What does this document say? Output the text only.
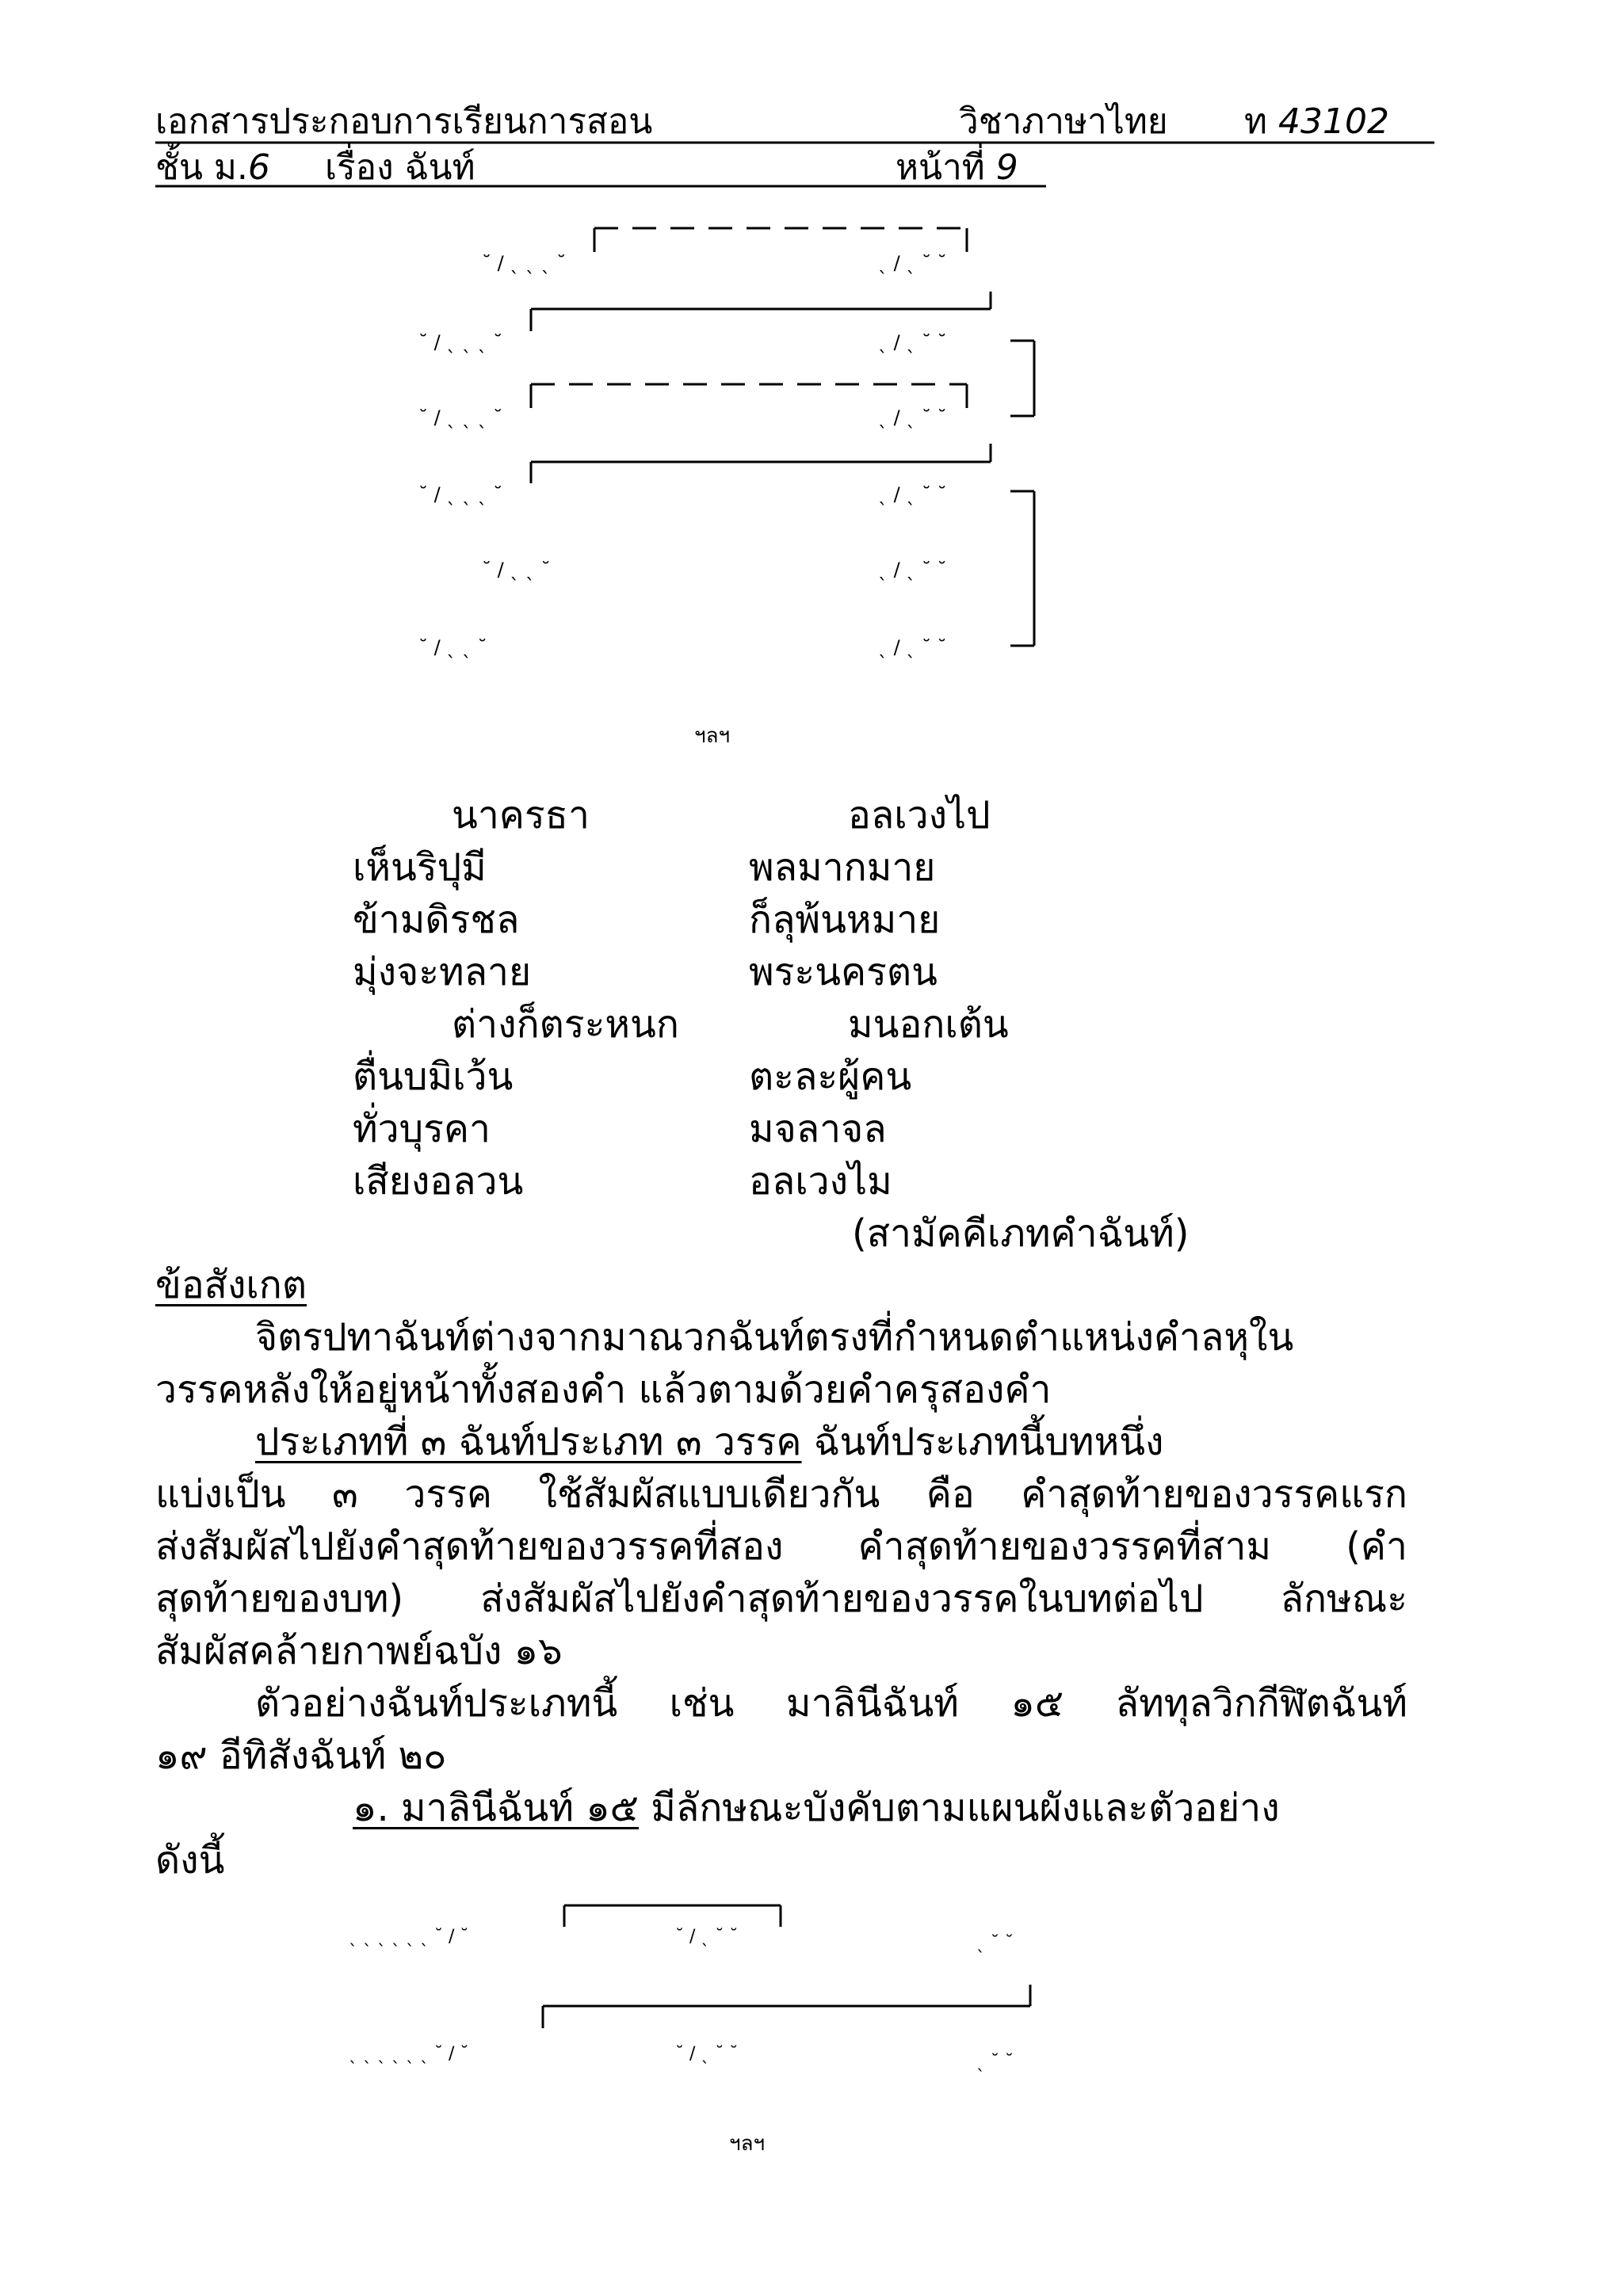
เอกสารประกอบการเรียนการสอน	วิชาภาษาไทย ท 43102
ชั้น ม.6 เรื่อง ฉันท์	หน้าที่ 9
˘ / ˎ ˎ ˎ ˘	ˎ / ˎ ˘ ˘
˘ / ˎ ˎ ˎ ˘	ˎ / ˎ ˘ ˘
˘ / ˎ ˎ ˎ ˘	ˎ / ˎ ˘ ˘
˘ / ˎ ˎ ˎ ˘	ˎ / ˎ ˘ ˘
˘ / ˎ ˎ ˘	ˎ / ˎ ˘ ˘
˘ / ˎ ˎ ˘	ˎ / ˎ ˘ ˘
ฯลฯ
นาครธา	อลเวงไป
เห็นริปุมี	พลมากมาย
ข้ามดิรชล	ก็ลุพ้นหมาย
มุ่งจะทลาย	พระนครตน
ต่างก็ตระหนก	มนอกเต้น
ตื่นบมิเว้น	ตะละผู้คน
ทั่วบุรคา	มจลาจล
เสียงอลวน	อลเวงไม
(สามัคคีเภทคำฉันท์)
ข้อสังเกต
จิตรปทาฉันท์ต่างจากมาณวกฉันท์ตรงที่กำหนดตำแหน่งคำลหุใน
วรรคหลังให้อยู่หน้าทั้งสองคำ แล้วตามด้วยคำครุสองคำ
ประเภทที่ ๓ ฉันท์ประเภท ๓ วรรค ฉันท์ประเภทนี้บทหนึ่ง
แบ่งเป็น ๓ วรรค ใช้สัมผัสแบบเดียวกัน คือ คำสุดท้ายของวรรคแรก
ส่งสัมผัสไปยังคำสุดท้ายของวรรคที่สอง คำสุดท้ายของวรรคที่สาม (คำ
สุดท้ายของบท) ส่งสัมผัสไปยังคำสุดท้ายของวรรคในบทต่อไป ลักษณะ
สัมผัสคล้ายกาพย์ฉบัง ๑๖
ตัวอย่างฉันท์ประเภทนี้ เช่น มาลินีฉันท์ ๑๕ ลัททุลวิกกีฬิตฉันท์
๑๙ อีทิสังฉันท์ ๒๐
๑. มาลินีฉันท์ ๑๕ มีลักษณะบังคับตามแผนผังและตัวอย่าง
ดังนี้
ˎ ˎ ˎ ˎ ˎ ˎ ˘ / ˘	˘ / ˎ ˘ ˘	ˎ ˘ ˘
ˎ ˎ ˎ ˎ ˎ ˎ ˘ / ˘	˘ / ˎ ˘ ˘	ˎ ˘ ˘
ฯลฯ
